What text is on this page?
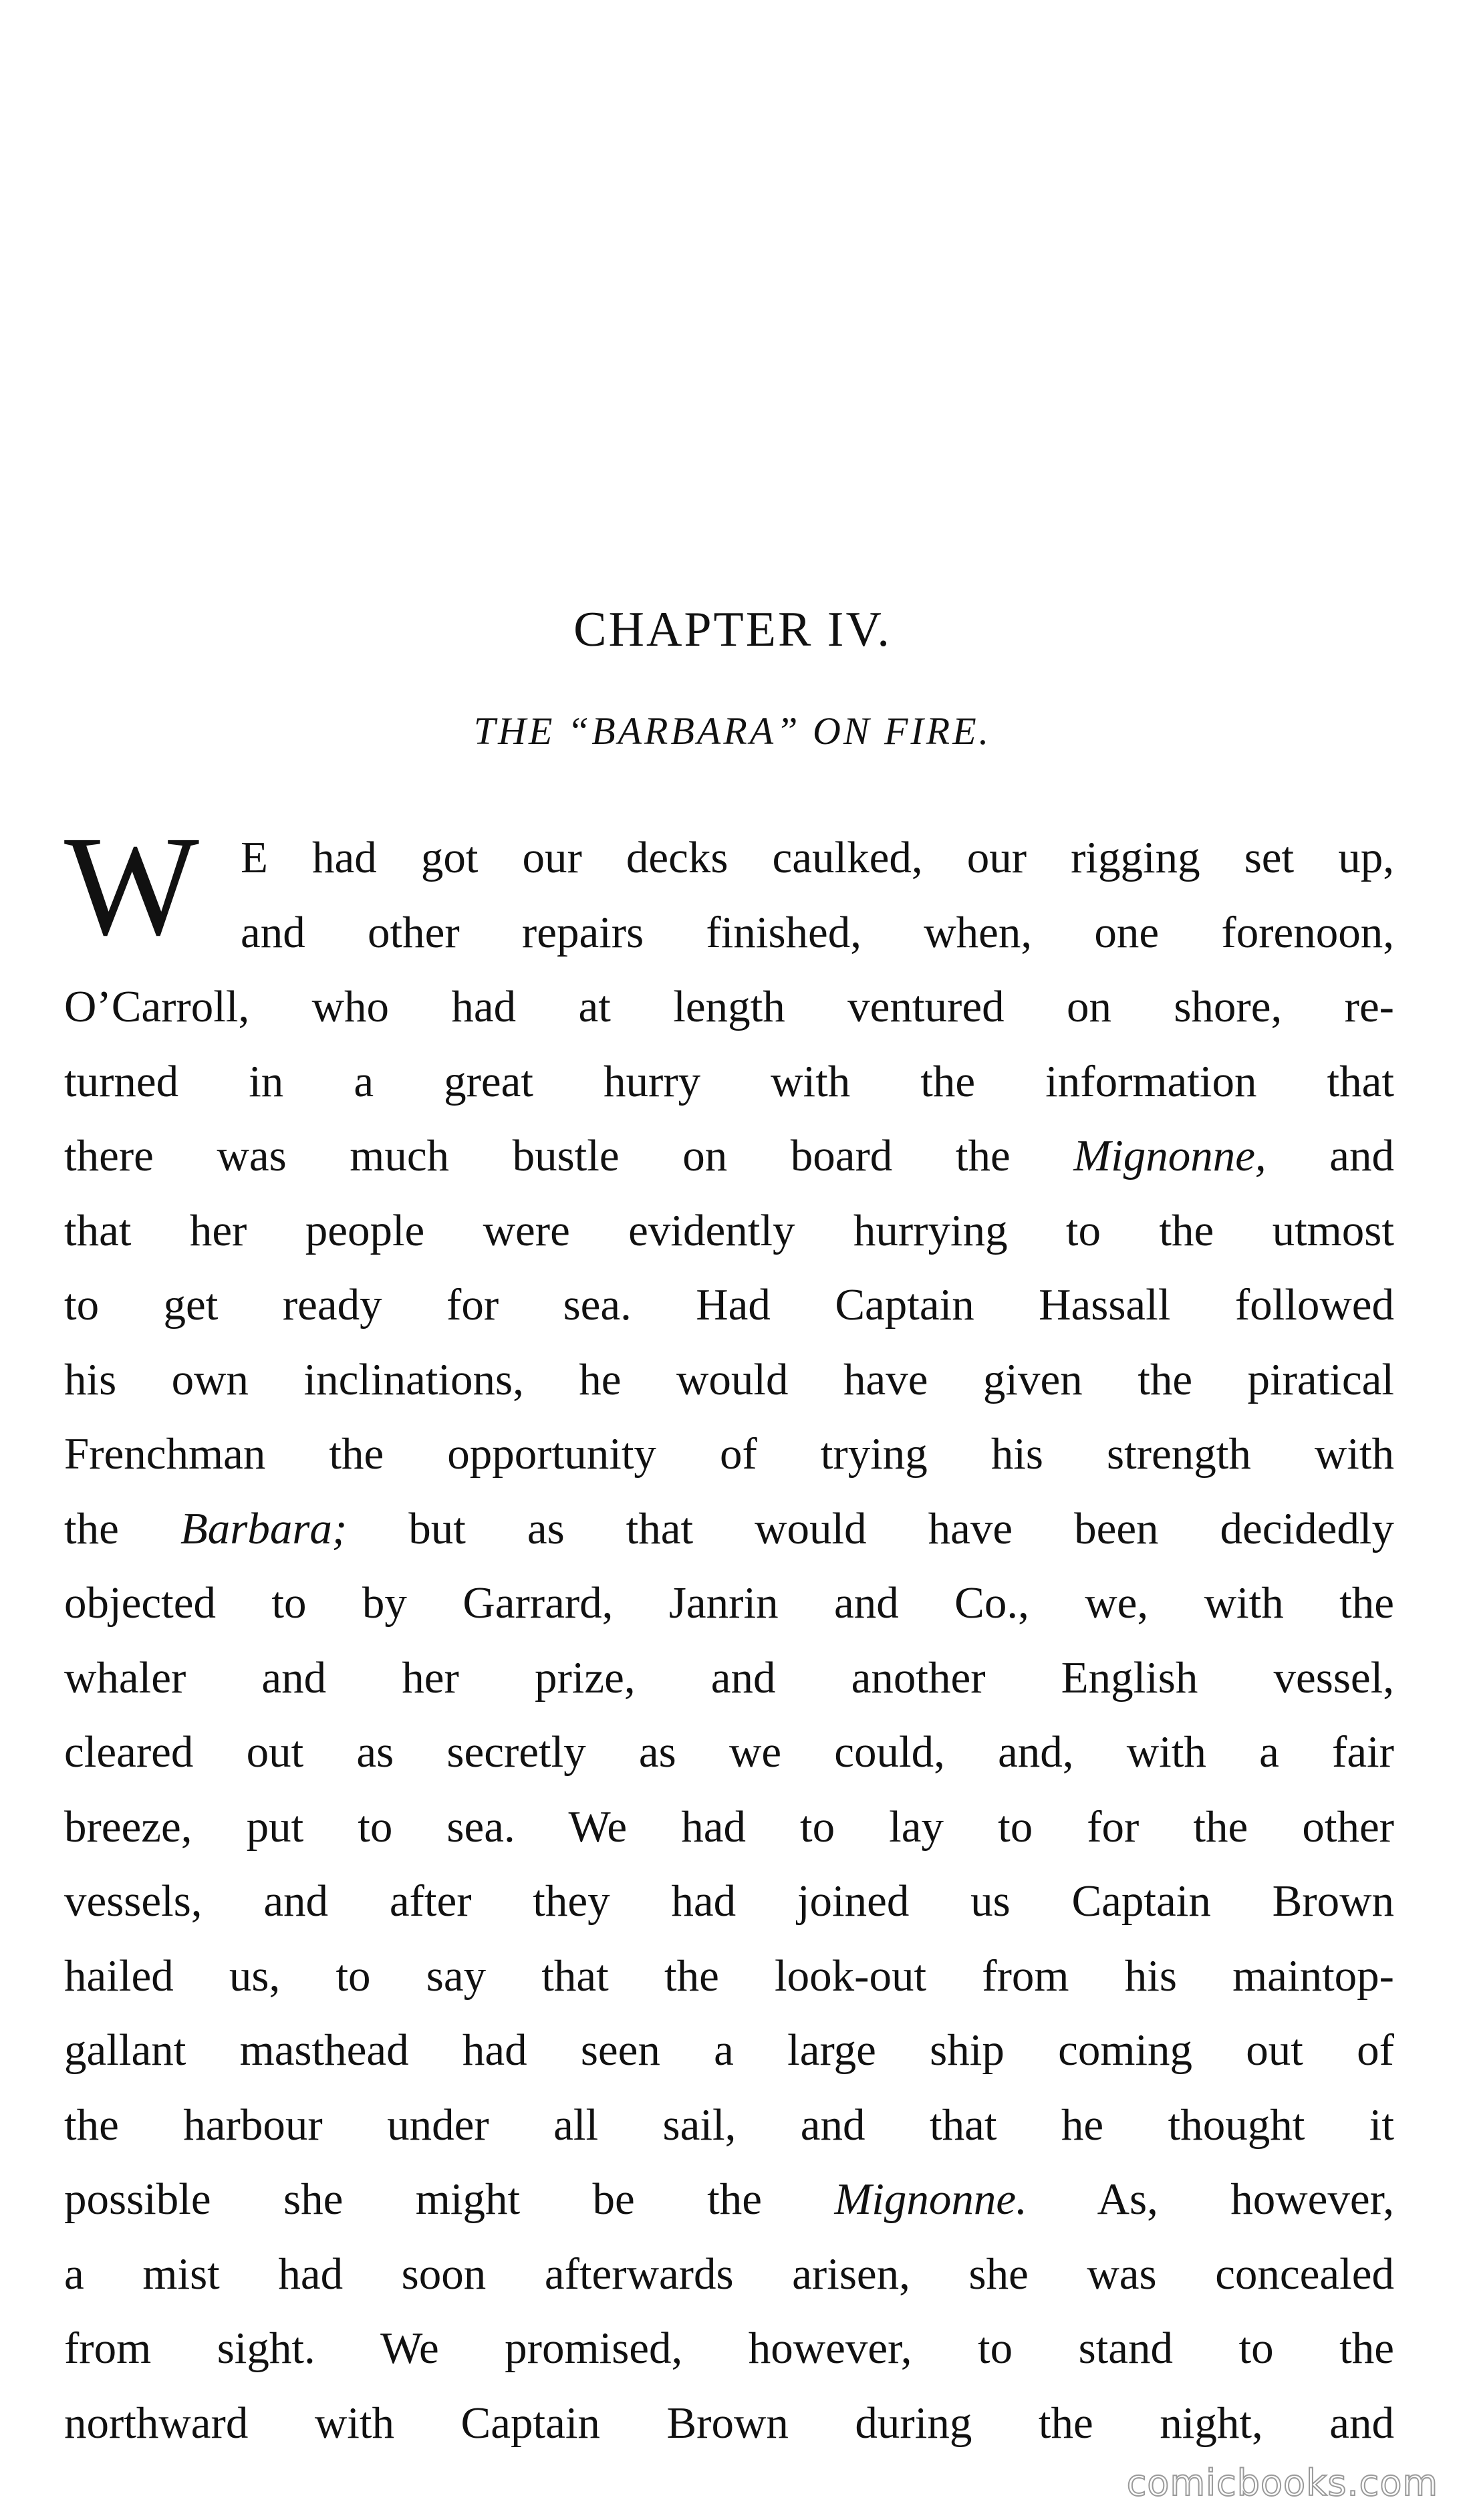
CHAPTER IV.
THE “BARBARA” ON FIRE.
W E had got our decks caulked, our rigging set up,
and other repairs finished, when, one forenoon,
O’Carroll, who had at length ventured on shore, re-
turned in a great hurry with the information that
there was much bustle on board the Mignonne, and
that her people were evidently hurrying to the utmost
to get ready for sea. Had Captain Hassall followed
his own inclinations, he would have given the piratical
Frenchman the opportunity of trying his strength with
the Barbara; but as that would have been decidedly
objected to by Garrard, Janrin and Co., we, with the
whaler and her prize, and another English vessel,
cleared out as secretly as we could, and, with a fair
breeze, put to sea. We had to lay to for the other
vessels, and after they had joined us Captain Brown
hailed us, to say that the look-out from his maintop-
gallant masthead had seen a large ship coming out of
the harbour under all sail, and that he thought it
possible she might be the Mignonne. As, however,
a mist had soon afterwards arisen, she was concealed
from sight. We promised, however, to stand to the
northward with Captain Brown during the night, and
comicbooks.com
